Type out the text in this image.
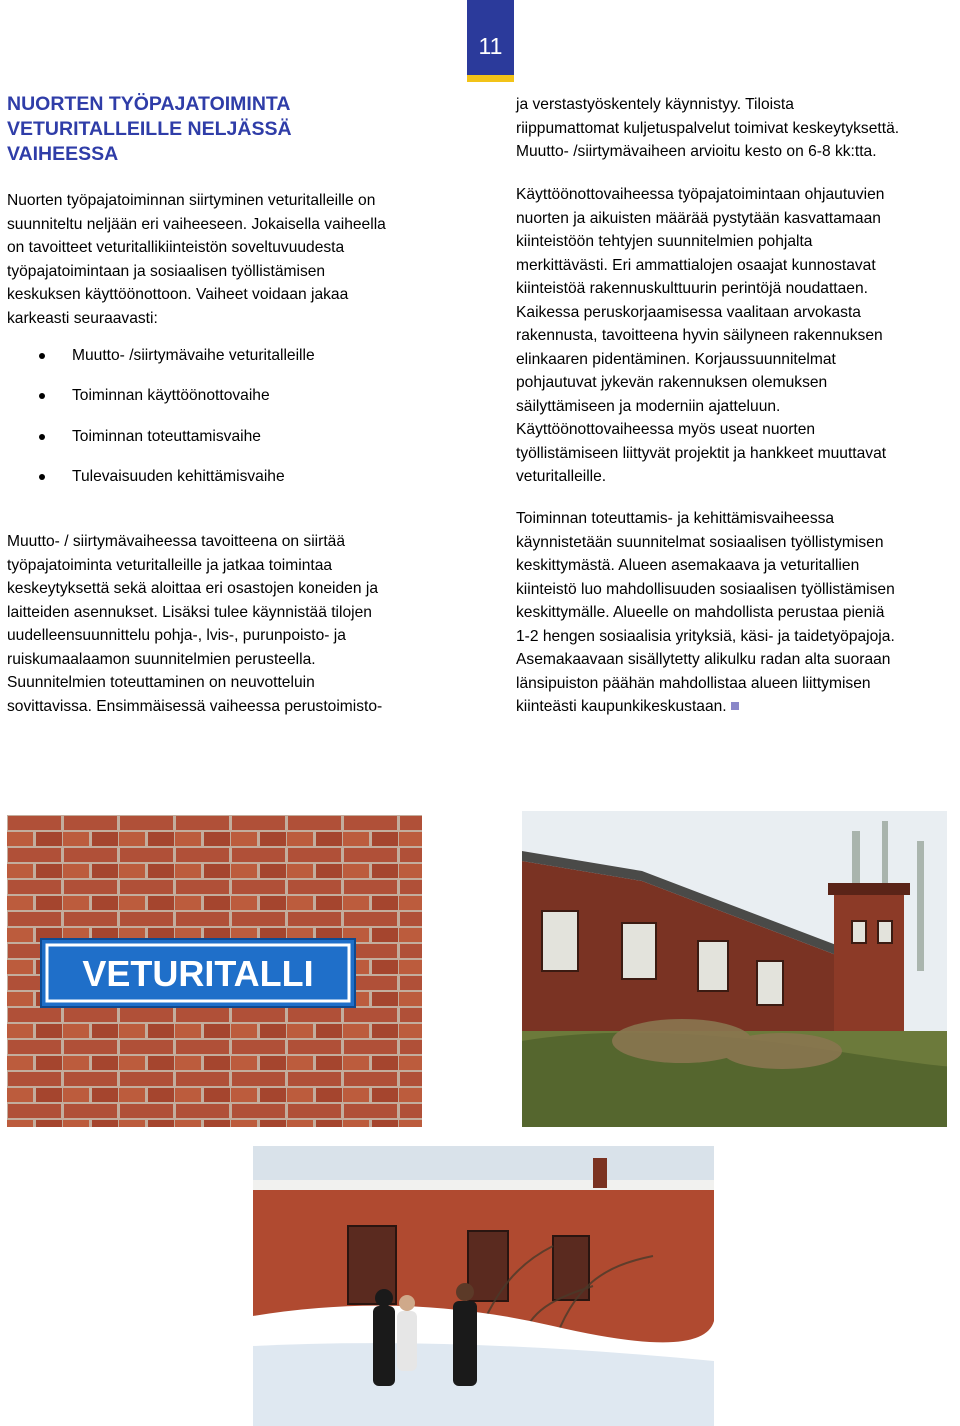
11
NUORTEN TYÖPAJATOIMINTA
VETURITALLEILLE NELJÄSSÄ
VAIHEESSA

Nuorten työpajatoiminnan siirtyminen veturitalleille on
suunniteltu neljään eri vaiheeseen. Jokaisella vaiheella
on tavoitteet veturitallikiinteistön soveltuvuudesta
työpajatoimintaan ja sosiaalisen työllistämisen
keskuksen käyttöönottoon. Vaiheet voidaan jakaa
karkeasti seuraavasti:

Muutto- /siirtymävaihe veturitalleille
Toiminnan käyttöönottovaihe
Toiminnan toteuttamisvaihe
Tulevaisuuden kehittämisvaihe

Muutto- / siirtymävaiheessa tavoitteena on siirtää
työpajatoiminta veturitalleille ja jatkaa toimintaa
keskeytyksettä sekä aloittaa eri osastojen koneiden ja
laitteiden asennukset. Lisäksi tulee käynnistää tilojen
uudelleensuunnittelu pohja-, lvis-, purunpoisto- ja
ruiskumaalaamon suunnitelmien perusteella.
Suunnitelmien toteuttaminen on neuvotteluin
sovittavissa. Ensimmäisessä vaiheessa perustoimisto-

ja verstastyöskentely käynnistyy. Tiloista
riippumattomat kuljetuspalvelut toimivat keskeytyksettä.
Muutto- /siirtymävaiheen arvioitu kesto on 6-8 kk:tta.

Käyttöönottovaiheessa työpajatoimintaan ohjautuvien
nuorten ja aikuisten määrää pystytään kasvattamaan
kiinteistöön tehtyjen suunnitelmien pohjalta
merkittävästi. Eri ammattialojen osaajat kunnostavat
kiinteistöä rakennuskulttuurin perintöjä noudattaen.
Kaikessa peruskorjaamisessa vaalitaan arvokasta
rakennusta, tavoitteena hyvin säilyneen rakennuksen
elinkaaren pidentäminen. Korjaussuunnitelmat
pohjautuvat jykevän rakennuksen olemuksen
säilyttämiseen ja moderniin ajatteluun.
Käyttöönottovaiheessa myös useat nuorten
työllistämiseen liittyvät projektit ja hankkeet muuttavat
veturitalleille.

Toiminnan toteuttamis- ja kehittämisvaiheessa
käynnistetään suunnitelmat sosiaalisen työllistymisen
keskittymästä. Alueen asemakaava ja veturitallien
kiinteistö luo mahdollisuuden sosiaalisen työllistämisen
keskittymälle. Alueelle on mahdollista perustaa pieniä
1-2 hengen sosiaalisia yrityksiä, käsi- ja taidetyöpajoja.
Asemakaavaan sisällytetty alikulku radan alta suoraan
länsipuiston päähän mahdollistaa alueen liittymisen
kiinteästi kaupunkikeskustaan.

VETURITALLI
